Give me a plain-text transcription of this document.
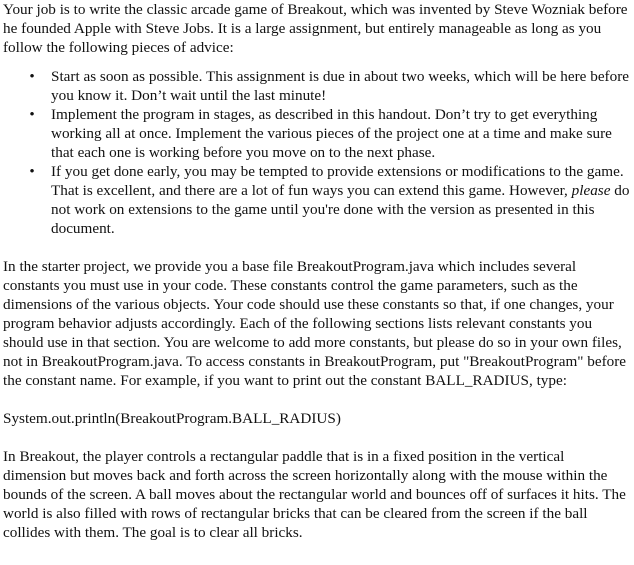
Your job is to write the classic arcade game of Breakout, which was invented by Steve Wozniak before he founded Apple with Steve Jobs. It is a large assignment, but entirely manageable as long as you follow the following pieces of advice:

• Start as soon as possible. This assignment is due in about two weeks, which will be here before you know it. Don’t wait until the last minute!
• Implement the program in stages, as described in this handout. Don’t try to get everything working all at once. Implement the various pieces of the project one at a time and make sure that each one is working before you move on to the next phase.
• If you get done early, you may be tempted to provide extensions or modifications to the game. That is excellent, and there are a lot of fun ways you can extend this game. However, please do not work on extensions to the game until you're done with the version as presented in this document.

In the starter project, we provide you a base file BreakoutProgram.java which includes several constants you must use in your code. These constants control the game parameters, such as the dimensions of the various objects. Your code should use these constants so that, if one changes, your program behavior adjusts accordingly. Each of the following sections lists relevant constants you should use in that section. You are welcome to add more constants, but please do so in your own files, not in BreakoutProgram.java. To access constants in BreakoutProgram, put "BreakoutProgram" before the constant name. For example, if you want to print out the constant BALL_RADIUS, type:

System.out.println(BreakoutProgram.BALL_RADIUS)

In Breakout, the player controls a rectangular paddle that is in a fixed position in the vertical dimension but moves back and forth across the screen horizontally along with the mouse within the bounds of the screen. A ball moves about the rectangular world and bounces off of surfaces it hits. The world is also filled with rows of rectangular bricks that can be cleared from the screen if the ball collides with them. The goal is to clear all bricks.
